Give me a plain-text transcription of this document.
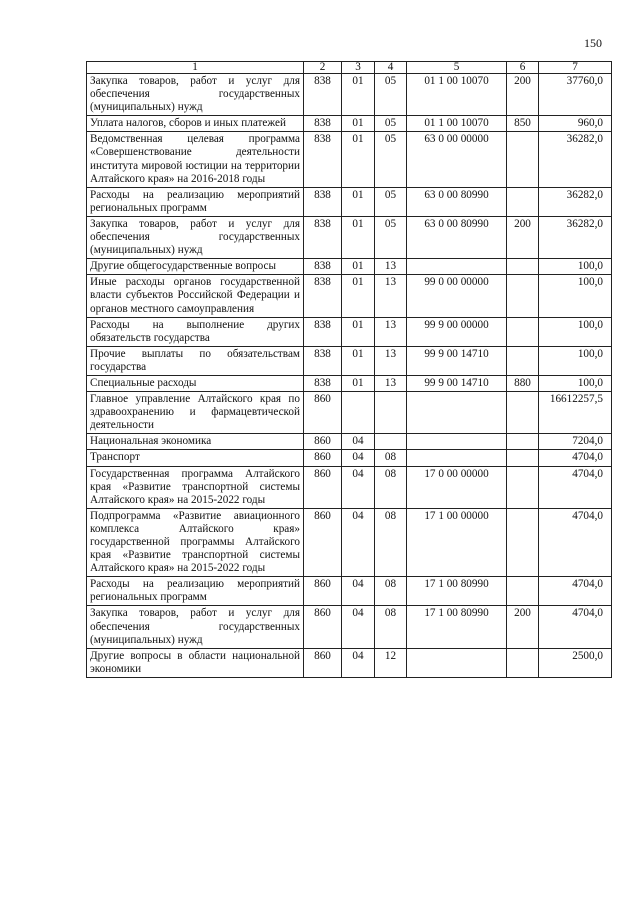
150
1	2	3	4	5	6	7
Закупка товаров, работ и услуг для обеспечения государственных (муниципальных) нужд	838	01	05	01 1 00 10070	200	37760,0
Уплата налогов, сборов и иных платежей	838	01	05	01 1 00 10070	850	960,0
Ведомственная целевая программа «Совершенствование деятельности института мировой юстиции на территории Алтайского края» на 2016-2018 годы	838	01	05	63 0 00 00000		36282,0
Расходы на реализацию мероприятий региональных программ	838	01	05	63 0 00 80990		36282,0
Закупка товаров, работ и услуг для обеспечения государственных (муниципальных) нужд	838	01	05	63 0 00 80990	200	36282,0
Другие общегосударственные вопросы	838	01	13			100,0
Иные расходы органов государственной власти субъектов Российской Федерации и органов местного самоуправления	838	01	13	99 0 00 00000		100,0
Расходы на выполнение других обязательств государства	838	01	13	99 9 00 00000		100,0
Прочие выплаты по обязательствам государства	838	01	13	99 9 00 14710		100,0
Специальные расходы	838	01	13	99 9 00 14710	880	100,0
Главное управление Алтайского края по здравоохранению и фармацевтической деятельности	860					16612257,5
Национальная экономика	860	04				7204,0
Транспорт	860	04	08			4704,0
Государственная программа Алтайского края «Развитие транспортной системы Алтайского края» на 2015-2022 годы	860	04	08	17 0 00 00000		4704,0
Подпрограмма «Развитие авиационного комплекса Алтайского края» государственной программы Алтайского края «Развитие транспортной системы Алтайского края» на 2015-2022 годы	860	04	08	17 1 00 00000		4704,0
Расходы на реализацию мероприятий региональных программ	860	04	08	17 1 00 80990		4704,0
Закупка товаров, работ и услуг для обеспечения государственных (муниципальных) нужд	860	04	08	17 1 00 80990	200	4704,0
Другие вопросы в области национальной экономики	860	04	12			2500,0
